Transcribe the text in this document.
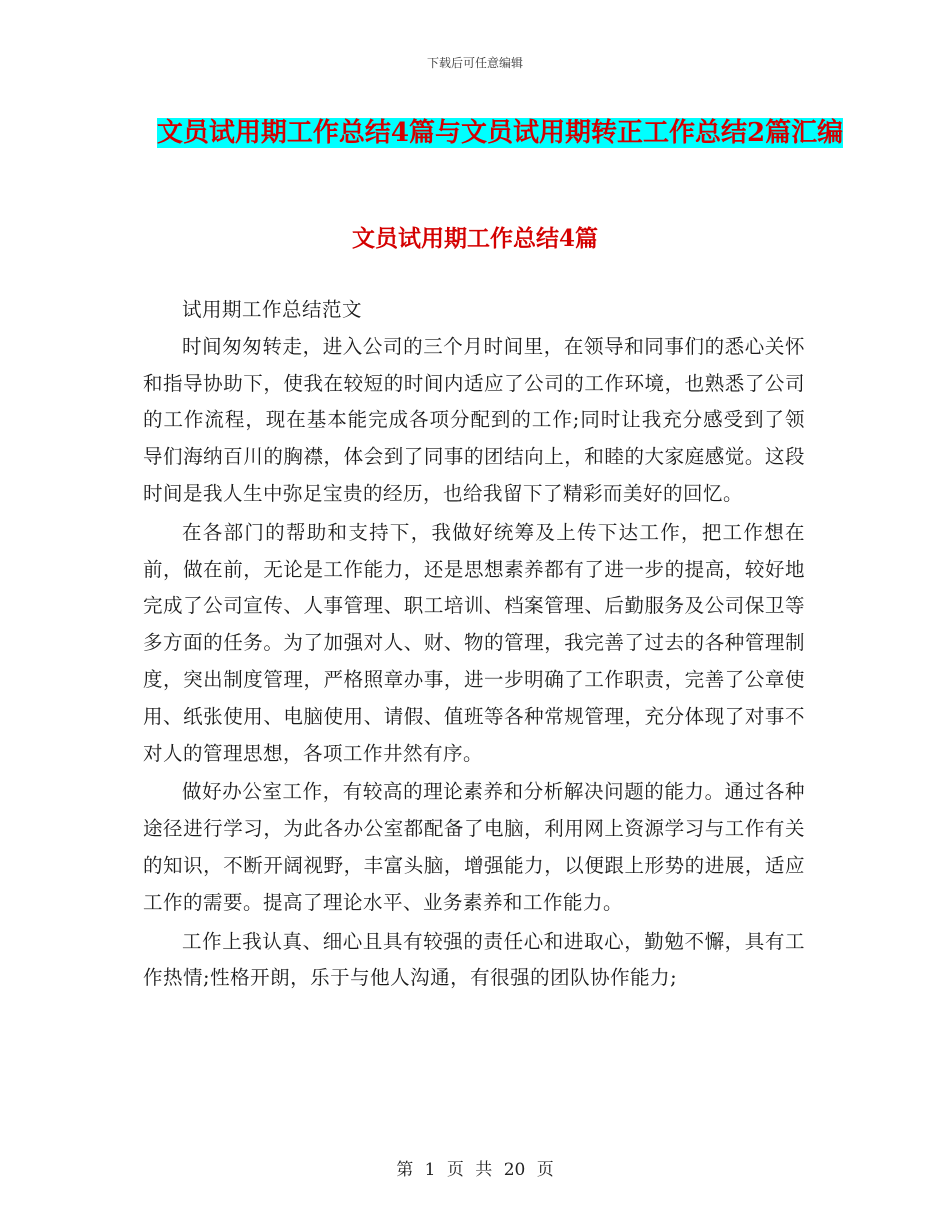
下载后可任意编辑
文员试用期工作总结4篇与文员试用期转正工作总结2篇汇编
文员试用期工作总结4篇

试用期工作总结范文

时间匆匆转走，进入公司的三个月时间里，在领导和同事们的悉心关怀和指导协助下，使我在较短的时间内适应了公司的工作环境，也熟悉了公司的工作流程，现在基本能完成各项分配到的工作;同时让我充分感受到了领导们海纳百川的胸襟，体会到了同事的团结向上，和睦的大家庭感觉。这段时间是我人生中弥足宝贵的经历，也给我留下了精彩而美好的回忆。

在各部门的帮助和支持下，我做好统筹及上传下达工作，把工作想在前，做在前，无论是工作能力，还是思想素养都有了进一步的提高，较好地完成了公司宣传、人事管理、职工培训、档案管理、后勤服务及公司保卫等多方面的任务。为了加强对人、财、物的管理，我完善了过去的各种管理制度，突出制度管理，严格照章办事，进一步明确了工作职责，完善了公章使用、纸张使用、电脑使用、请假、值班等各种常规管理，充分体现了对事不对人的管理思想，各项工作井然有序。

做好办公室工作，有较高的理论素养和分析解决问题的能力。通过各种途径进行学习，为此各办公室都配备了电脑，利用网上资源学习与工作有关的知识，不断开阔视野，丰富头脑，增强能力，以便跟上形势的进展，适应工作的需要。提高了理论水平、业务素养和工作能力。

工作上我认真、细心且具有较强的责任心和进取心，勤勉不懈，具有工作热情;性格开朗，乐于与他人沟通，有很强的团队协作能力;

第 1 页 共 20 页
